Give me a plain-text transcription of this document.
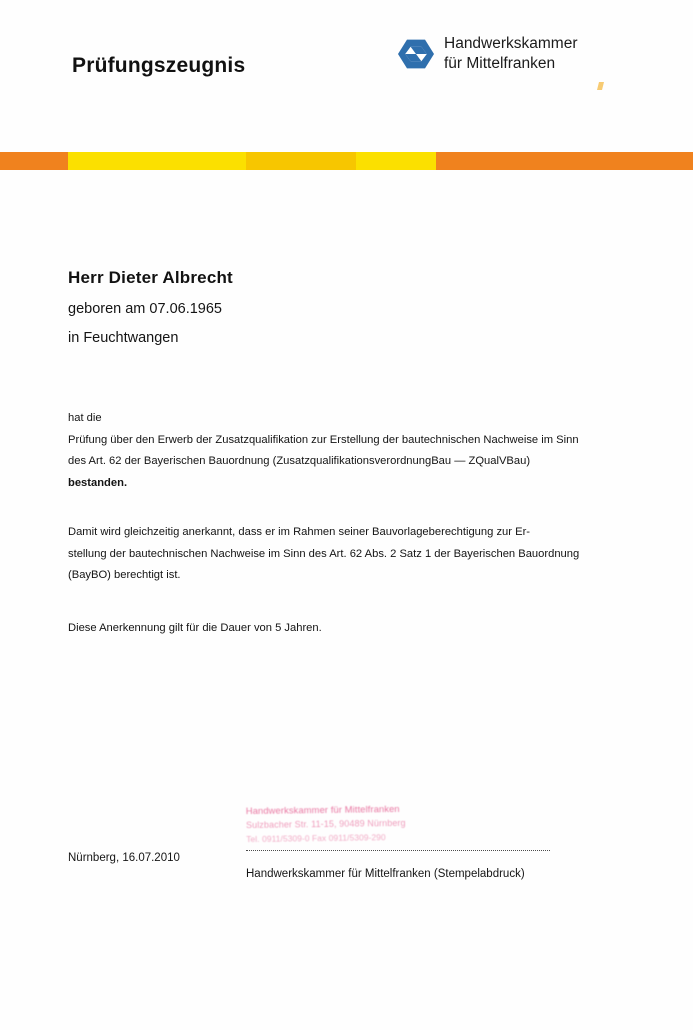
Prüfungszeugnis
Handwerkskammer
für Mittelfranken
Herr Dieter Albrecht
geboren am 07.06.1965
in Feuchtwangen
hat die
Prüfung über den Erwerb der Zusatzqualifikation zur Erstellung der bautechnischen Nachweise im Sinn
des Art. 62 der Bayerischen Bauordnung (ZusatzqualifikationsverordnungBau — ZQualVBau)
bestanden.
Damit wird gleichzeitig anerkannt, dass er im Rahmen seiner Bauvorlageberechtigung zur Er-
stellung der bautechnischen Nachweise im Sinn des Art. 62 Abs. 2 Satz 1 der Bayerischen Bauordnung
(BayBO) berechtigt ist.
Diese Anerkennung gilt für die Dauer von 5 Jahren.
Handwerkskammer für Mittelfranken
Sulzbacher Str. 11-15, 90489 Nürnberg
Tel. 0911/5309-0 Fax 0911/5309-290
Nürnberg, 16.07.2010
Handwerkskammer für Mittelfranken (Stempelabdruck)
